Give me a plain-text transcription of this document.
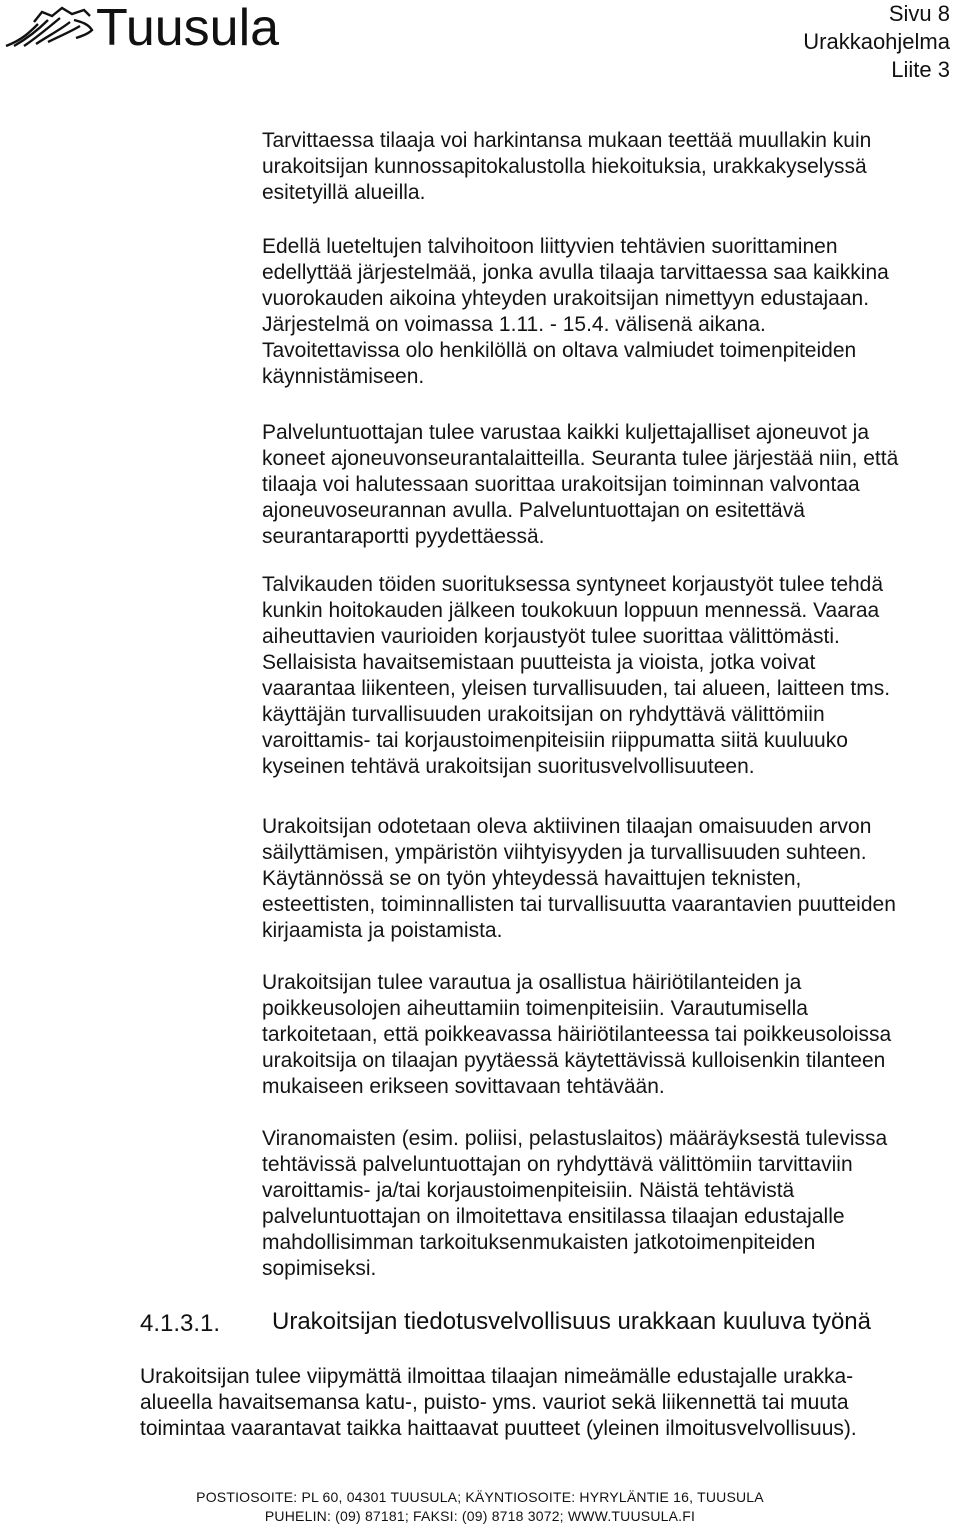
Tuusula	Sivu 8
Urakkaohjelma
Liite 3

Tarvittaessa tilaaja voi harkintansa mukaan teettää muullakin kuin
urakoitsijan kunnossapitokalustolla hiekoituksia, urakkakyselyssä
esitetyillä alueilla.

Edellä lueteltujen talvihoitoon liittyvien tehtävien suorittaminen
edellyttää järjestelmää, jonka avulla tilaaja tarvittaessa saa kaikkina
vuorokauden aikoina yhteyden urakoitsijan nimettyyn edustajaan.
Järjestelmä on voimassa 1.11. - 15.4. välisenä aikana.
Tavoitettavissa olo henkilöllä on oltava valmiudet toimenpiteiden
käynnistämiseen.

Palveluntuottajan tulee varustaa kaikki kuljettajalliset ajoneuvot ja
koneet ajoneuvonseurantalaitteilla. Seuranta tulee järjestää niin, että
tilaaja voi halutessaan suorittaa urakoitsijan toiminnan valvontaa
ajoneuvoseurannan avulla. Palveluntuottajan on esitettävä
seurantaraportti pyydettäessä.

Talvikauden töiden suorituksessa syntyneet korjaustyöt tulee tehdä
kunkin hoitokauden jälkeen toukokuun loppuun mennessä. Vaaraa
aiheuttavien vaurioiden korjaustyöt tulee suorittaa välittömästi.
Sellaisista havaitsemistaan puutteista ja vioista, jotka voivat
vaarantaa liikenteen, yleisen turvallisuuden, tai alueen, laitteen tms.
käyttäjän turvallisuuden urakoitsijan on ryhdyttävä välittömiin
varoittamis- tai korjaustoimenpiteisiin riippumatta siitä kuuluuko
kyseinen tehtävä urakoitsijan suoritusvelvollisuuteen.

Urakoitsijan odotetaan oleva aktiivinen tilaajan omaisuuden arvon
säilyttämisen, ympäristön viihtyisyyden ja turvallisuuden suhteen.
Käytännössä se on työn yhteydessä havaittujen teknisten,
esteettisten, toiminnallisten tai turvallisuutta vaarantavien puutteiden
kirjaamista ja poistamista.

Urakoitsijan tulee varautua ja osallistua häiriötilanteiden ja
poikkeusolojen aiheuttamiin toimenpiteisiin. Varautumisella
tarkoitetaan, että poikkeavassa häiriötilanteessa tai poikkeusoloissa
urakoitsija on tilaajan pyytäessä käytettävissä kulloisenkin tilanteen
mukaiseen erikseen sovittavaan tehtävään.

Viranomaisten (esim. poliisi, pelastuslaitos) määräyksestä tulevissa
tehtävissä palveluntuottajan on ryhdyttävä välittömiin tarvittaviin
varoittamis- ja/tai korjaustoimenpiteisiin. Näistä tehtävistä
palveluntuottajan on ilmoitettava ensitilassa tilaajan edustajalle
mahdollisimman tarkoituksenmukaisten jatkotoimenpiteiden
sopimiseksi.

4.1.3.1. Urakoitsijan tiedotusvelvollisuus urakkaan kuuluva työnä

Urakoitsijan tulee viipymättä ilmoittaa tilaajan nimeämälle edustajalle urakka-
alueella havaitsemansa katu-, puisto- yms. vauriot sekä liikennettä tai muuta
toimintaa vaarantavat taikka haittaavat puutteet (yleinen ilmoitusvelvollisuus).

POSTIOSOITE: PL 60, 04301 TUUSULA; KÄYNTIOSOITE: HYRYLÄNTIE 16, TUUSULA
PUHELIN: (09) 87181; FAKSI: (09) 8718 3072; WWW.TUUSULA.FI
